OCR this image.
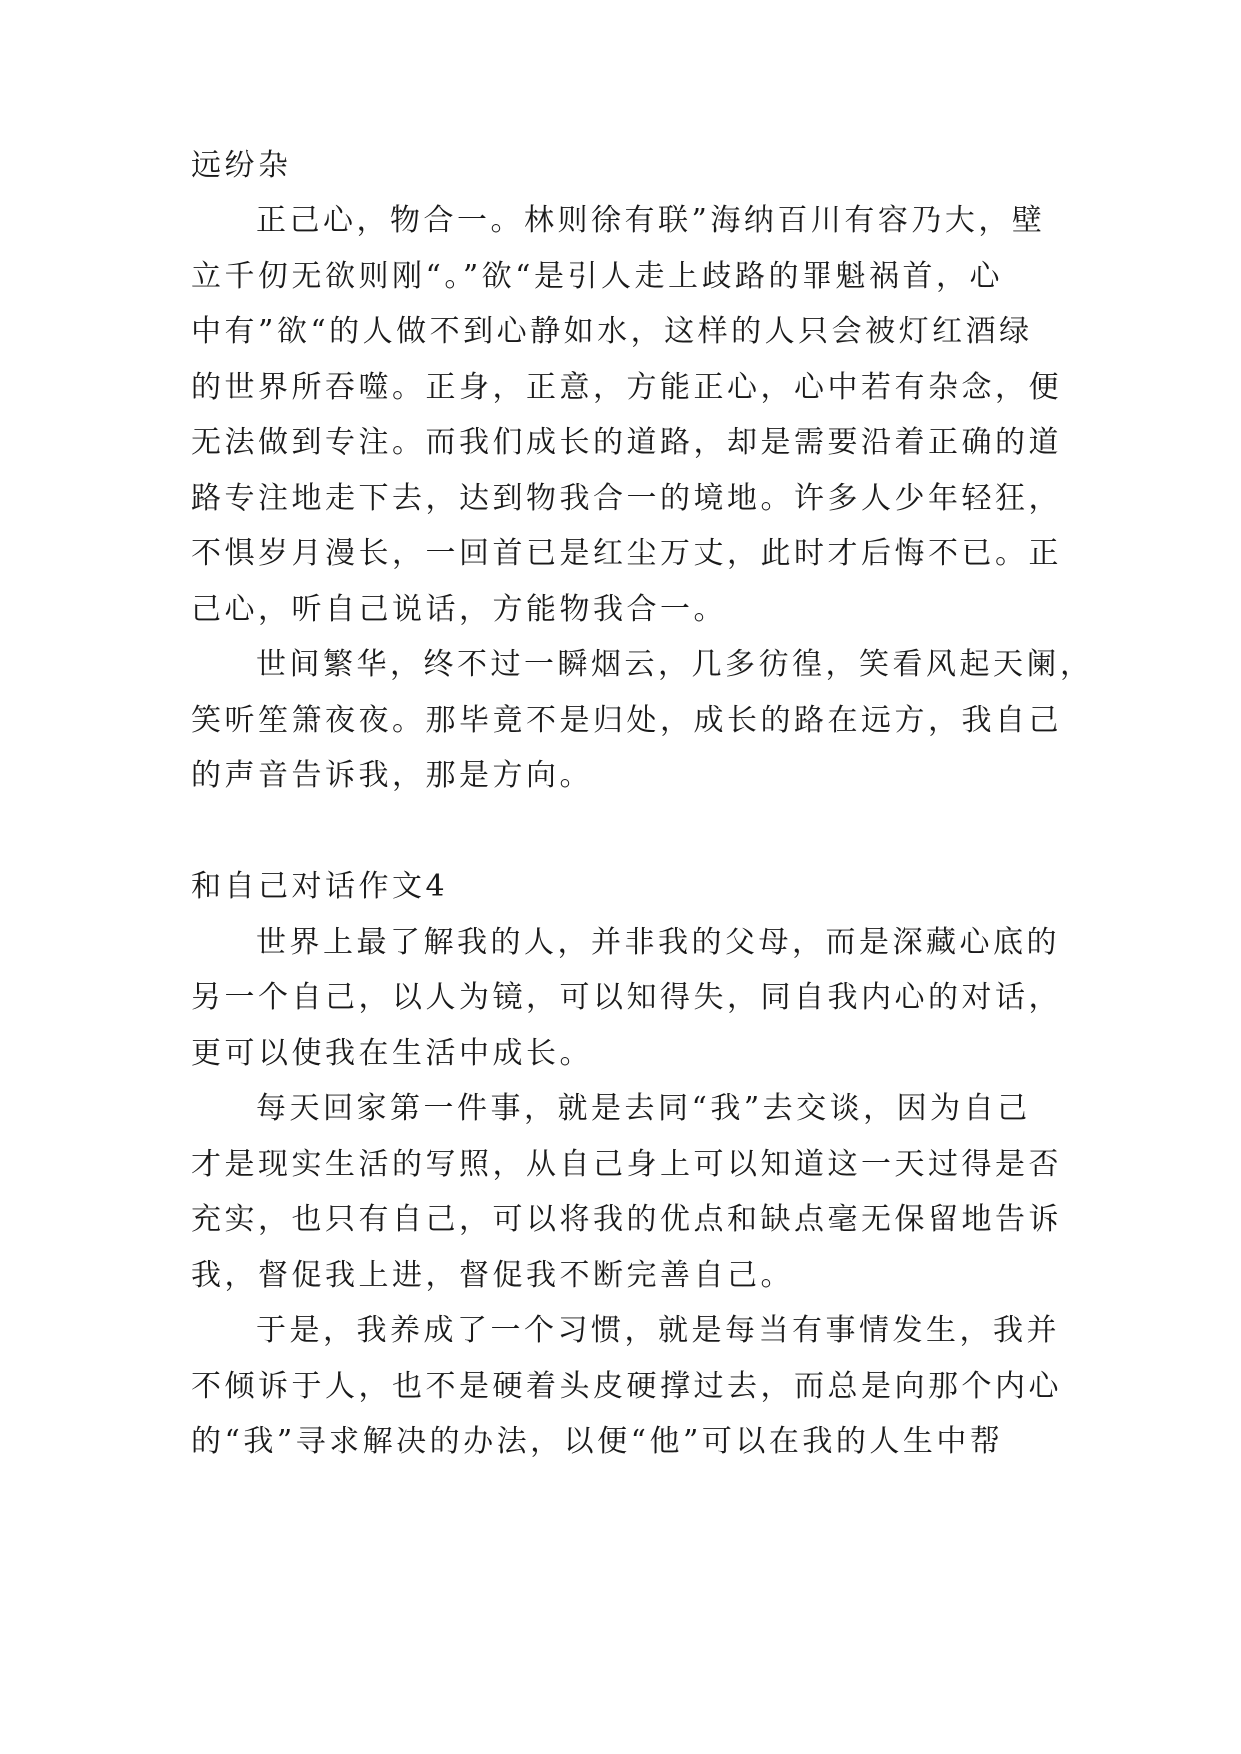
远纷杂
正己心，物合一。林则徐有联”海纳百川有容乃大，壁
立千仞无欲则刚“。”欲“是引人走上歧路的罪魁祸首，心
中有”欲“的人做不到心静如水，这样的人只会被灯红酒绿
的世界所吞噬。正身，正意，方能正心，心中若有杂念，便
无法做到专注。而我们成长的道路，却是需要沿着正确的道
路专注地走下去，达到物我合一的境地。许多人少年轻狂，
不惧岁月漫长，一回首已是红尘万丈，此时才后悔不已。正
己心，听自己说话，方能物我合一。
世间繁华，终不过一瞬烟云，几多彷徨，笑看风起天阑，
笑听笙箫夜夜。那毕竟不是归处，成长的路在远方，我自己
的声音告诉我，那是方向。
和自己对话作文4
世界上最了解我的人，并非我的父母，而是深藏心底的
另一个自己，以人为镜，可以知得失，同自我内心的对话，
更可以使我在生活中成长。
每天回家第一件事，就是去同“我”去交谈，因为自己
才是现实生活的写照，从自己身上可以知道这一天过得是否
充实，也只有自己，可以将我的优点和缺点毫无保留地告诉
我，督促我上进，督促我不断完善自己。
于是，我养成了一个习惯，就是每当有事情发生，我并
不倾诉于人，也不是硬着头皮硬撑过去，而总是向那个内心
的“我”寻求解决的办法，以便“他”可以在我的人生中帮
